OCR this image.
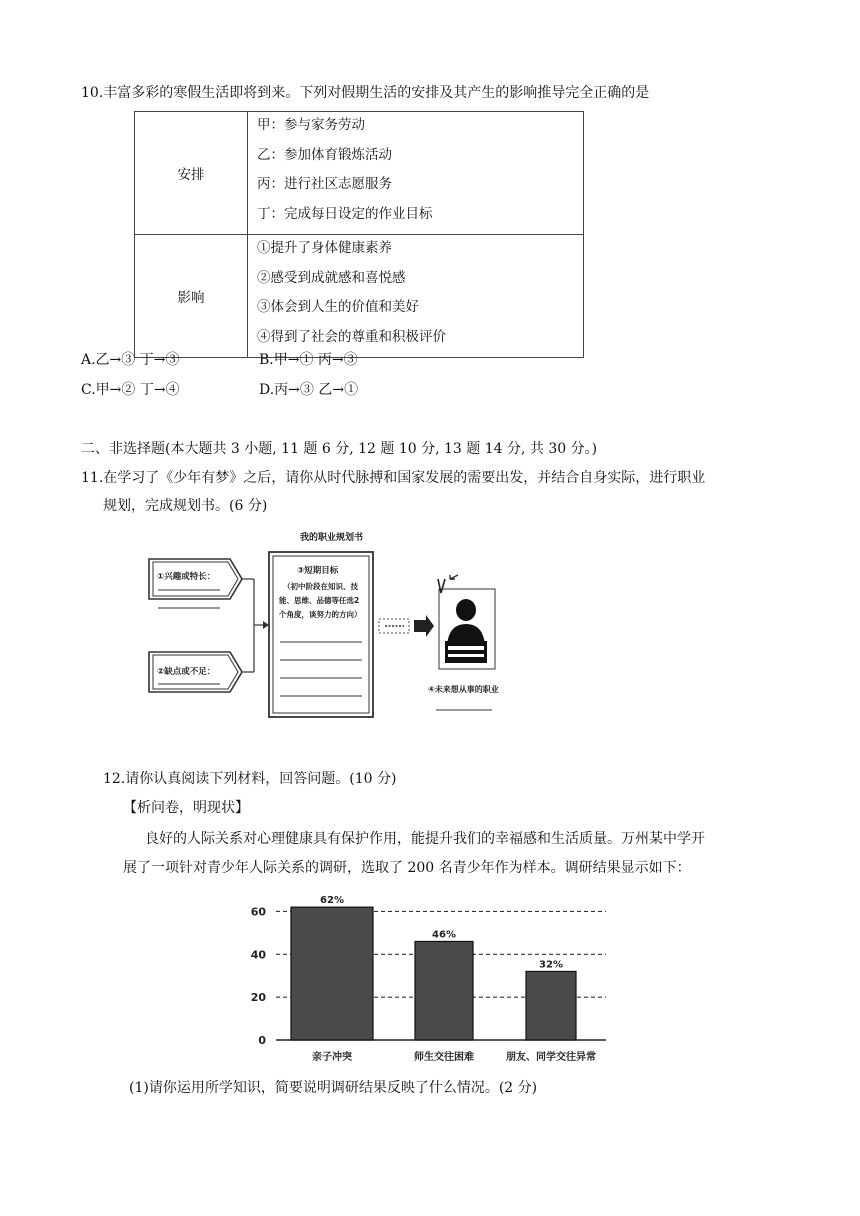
10.丰富多彩的寒假生活即将到来。下列对假期生活的安排及其产生的影响推导完全正确的是
安排	甲：参与家务劳动
乙：参加体育锻炼活动
丙：进行社区志愿服务
丁：完成每日设定的作业目标

影响	①提升了身体健康素养
②感受到成就感和喜悦感
③体会到人生的价值和美好
④得到了社会的尊重和积极评价
A.乙→③ 丁→③	B.甲→① 丙→③
C.甲→② 丁→④	D.丙→③ 乙→①
二、非选择题(本大题共 3 小题, 11 题 6 分, 12 题 10 分, 13 题 14 分, 共 30 分。)
11.在学习了《少年有梦》之后，请你从时代脉搏和国家发展的需要出发，并结合自身实际，进行职业
规划，完成规划书。(6 分)
我的职业规划书
①兴趣或特长：
②缺点或不足：
③短期目标
（初中阶段在知识、技
能、思维、品德等任选2
个角度，谈努力的方向）
④未来想从事的职业
12.请你认真阅读下列材料，回答问题。(10 分)
【析问卷，明现状】
良好的人际关系对心理健康具有保护作用，能提升我们的幸福感和生活质量。万州某中学开
展了一项针对青少年人际关系的调研，选取了 200 名青少年作为样本。调研结果显示如下：
0
20
40
60
62%
亲子冲突
46%
师生交往困难
32%
朋友、同学交往异常
(1)请你运用所学知识，简要说明调研结果反映了什么情况。(2 分)
